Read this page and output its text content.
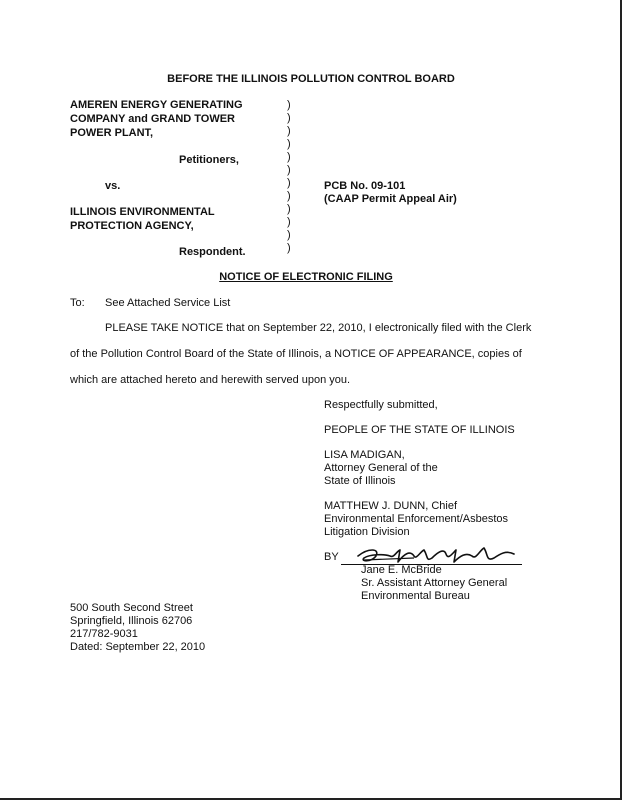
BEFORE THE ILLINOIS POLLUTION CONTROL BOARD
AMEREN ENERGY GENERATING
COMPANY and GRAND TOWER
POWER PLANT,
Petitioners,
vs.
ILLINOIS ENVIRONMENTAL
PROTECTION AGENCY,
Respondent.
)
)
)
)
)
)
)
)
)
)
)
)
PCB No. 09-101
(CAAP Permit Appeal Air)
NOTICE OF ELECTRONIC FILING
To: See Attached Service List
PLEASE TAKE NOTICE that on September 22, 2010, I electronically filed with the Clerk
of the Pollution Control Board of the State of Illinois, a NOTICE OF APPEARANCE, copies of
which are attached hereto and herewith served upon you.
Respectfully submitted,
PEOPLE OF THE STATE OF ILLINOIS
LISA MADIGAN,
Attorney General of the
State of Illinois
MATTHEW J. DUNN, Chief
Environmental Enforcement/Asbestos
Litigation Division
BY
Jane E. McBride
Sr. Assistant Attorney General
Environmental Bureau
500 South Second Street
Springfield, Illinois 62706
217/782-9031
Dated: September 22, 2010
